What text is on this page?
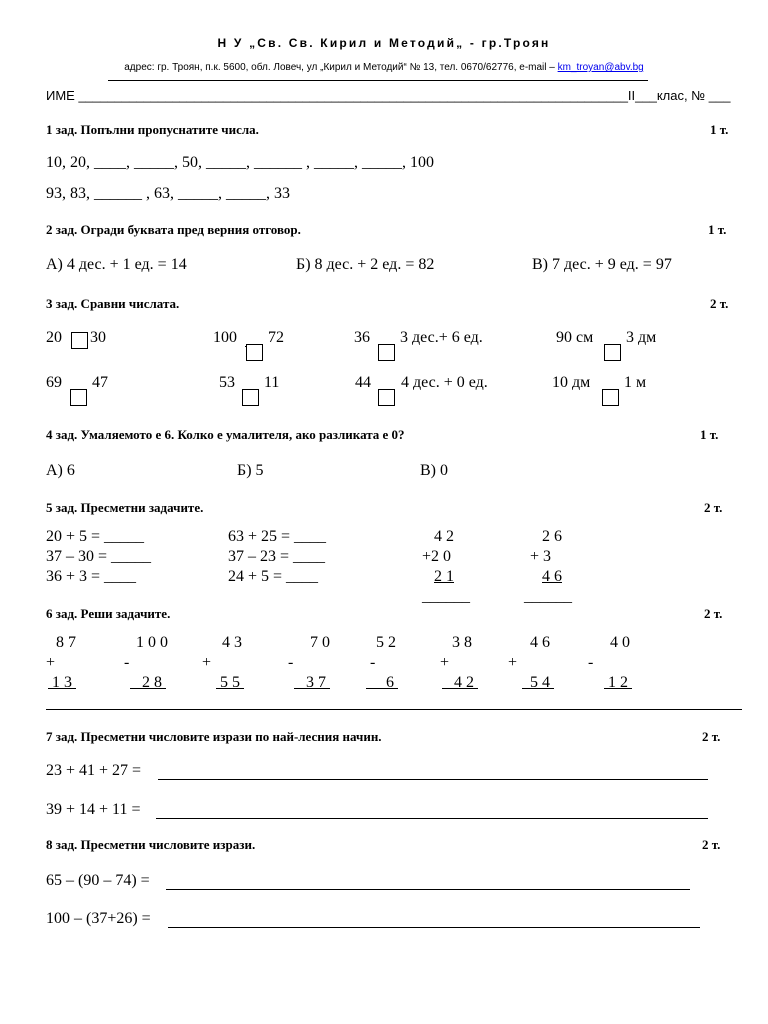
Н У „Св. Св. Кирил и Методий„ - гр.Троян
адрес: гр. Троян, п.к. 5600, обл. Ловеч, ул „Кирил и Методий“ № 13, тел. 0670/62776, e-mail – km_troyan@abv.bg
ИМЕ ____________________________________________________________________________II___клас, № ___
1 зад. Попълни пропуснатите числа.	1 т.
10, 20, ____, _____, 50, _____, ______ , _____, _____, 100
93, 83, ______ , 63, _____, _____, 33
2 зад. Огради буквата пред верния отговор.	1 т.
А) 4 дес. + 1 ед. = 14	Б) 8 дес. + 2 ед. = 82	В) 7 дес. + 9 ед. = 97
3 зад. Сравни числата.	2 т.
20 30	100 72	36 3 дес.+ 6 ед.	90 см 3 дм
69 47	53 11	44 4 дес. + 0 ед.	10 дм 1 м
4 зад. Умаляемото е 6. Колко е умалителя, ако разликата е 0?	1 т.
А) 6	Б) 5	В) 0
5 зад. Пресметни задачите.	2 т.
20 + 5 = _____
37 – 30 = _____
36 + 3 = ____
63 + 25 = ____
37 – 23 = ____
24 + 5 = ____
4 2
+2 0
2 1
______
2 6
+ 3
4 6
______
6 зад. Реши задачите.	2 т.
8 7
+
1 3
1 0 0
-
2 8
4 3
+
5 5
7 0
-
3 7
5 2
-
6
3 8
+
4 2
4 6
+
5 4
4 0
-
1 2
7 зад. Пресметни числовите изрази по най-лесния начин.	2 т.
23 + 41 + 27 =
39 + 14 + 11 =
8 зад. Пресметни числовите изрази.	2 т.
65 – (90 – 74) =
100 – (37+26) =
